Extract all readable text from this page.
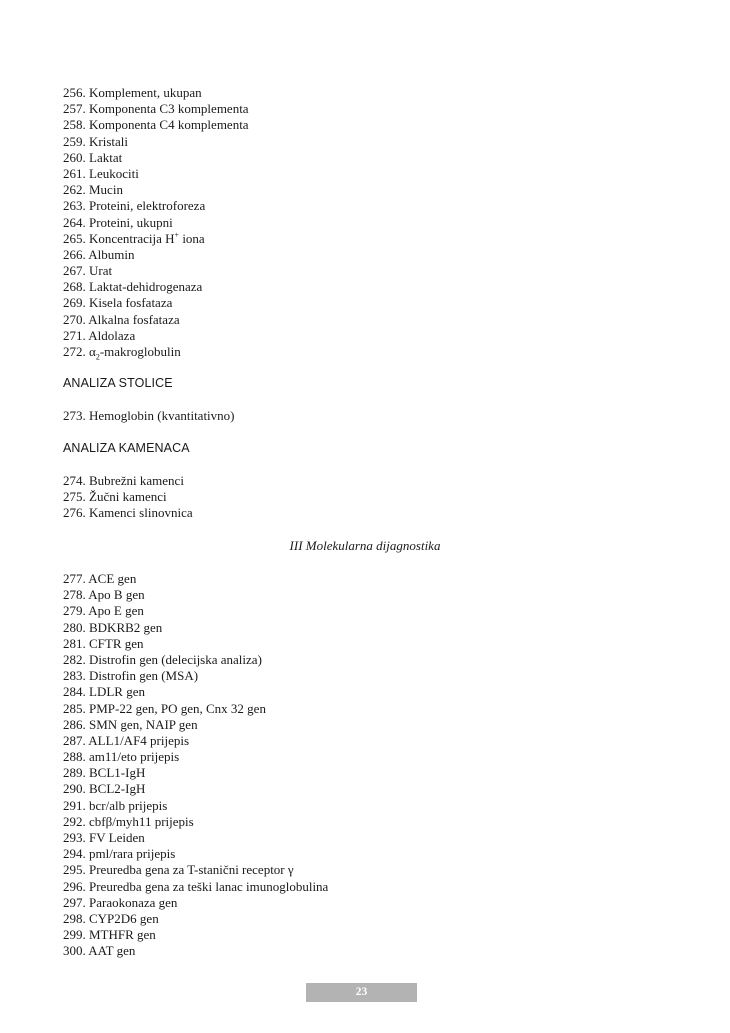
256. Komplement, ukupan
257. Komponenta C3 komplementa
258. Komponenta C4 komplementa
259. Kristali
260. Laktat
261. Leukociti
262. Mucin
263. Proteini, elektroforeza
264. Proteini, ukupni
265. Koncentracija H+ iona
266. Albumin
267. Urat
268. Laktat-dehidrogenaza
269. Kisela fosfataza
270. Alkalna fosfataza
271. Aldolaza
272. $\alpha_2$-makroglobulin
ANALIZA STOLICE
273. Hemoglobin (kvantitativno)
ANALIZA KAMENACA
274. Bubrežni kamenci
275. Žučni kamenci
276. Kamenci slinovnica
III Molekularna dijagnostika
277. ACE gen
278. Apo B gen
279. Apo E gen
280. BDKRB2 gen
281. CFTR gen
282. Distrofin gen (delecijska analiza)
283. Distrofin gen (MSA)
284. LDLR gen
285. PMP-22 gen, PO gen, Cnx 32 gen
286. SMN gen, NAIP gen
287. ALL1/AF4 prijepis
288. am11/eto prijepis
289. BCL1-IgH
290. BCL2-IgH
291. bcr/alb prijepis
292. cbfβ/myh11 prijepis
293. FV Leiden
294. pml/rara prijepis
295. Preuredba gena za T-stanični receptor γ
296. Preuredba gena za teški lanac imunoglobulina
297. Paraokonaza gen
298. CYP2D6 gen
299. MTHFR gen
300. AAT gen
23
